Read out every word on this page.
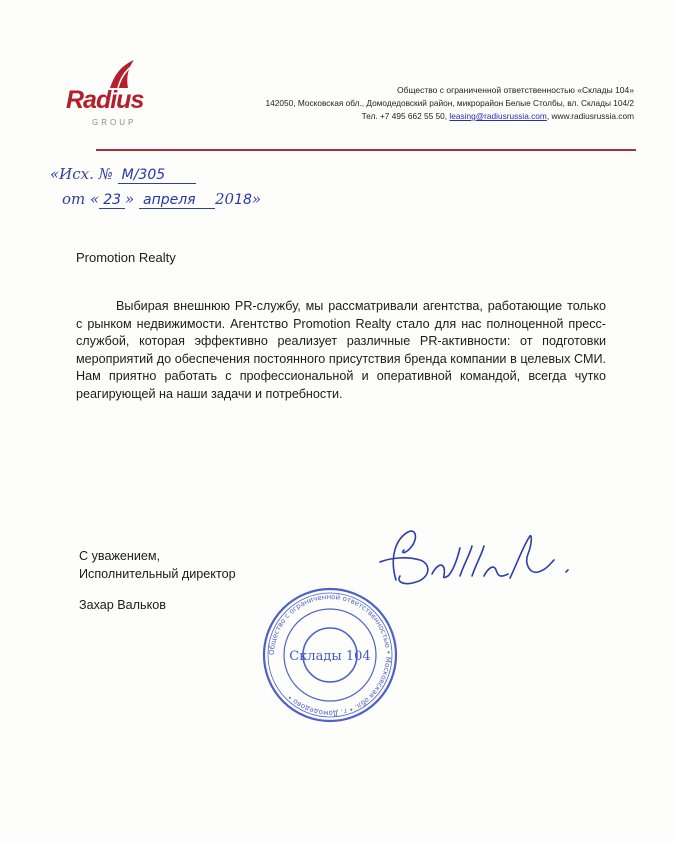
Radius
GROUP
Общество с ограниченной ответственностью «Склады 104»
142050, Московская обл., Домодедовский район, микрорайон Белые Столбы, вл. Склады 104/2
Тел. +7 495 662 55 50, leasing@radiusrussia.com, www.radiusrussia.com
«Исх. № М/305
от « 23 » апреля 2018»
Promotion Realty
Выбирая внешнюю PR-службу, мы рассматривали агентства, работающие только с рынком недвижимости. Агентство Promotion Realty стало для нас полноценной пресс-службой, которая эффективно реализует различные PR-активности: от подготовки мероприятий до обеспечения постоянного присутствия бренда компании в целевых СМИ. Нам приятно работать с профессиональной и оперативной командой, всегда чутко реагирующей на наши задачи и потребности.
С уважением,
Исполнительный директор
Захар Вальков
Общество с ограниченной ответственностью • Московская обл. • г. Домодедово •
Склады 104
